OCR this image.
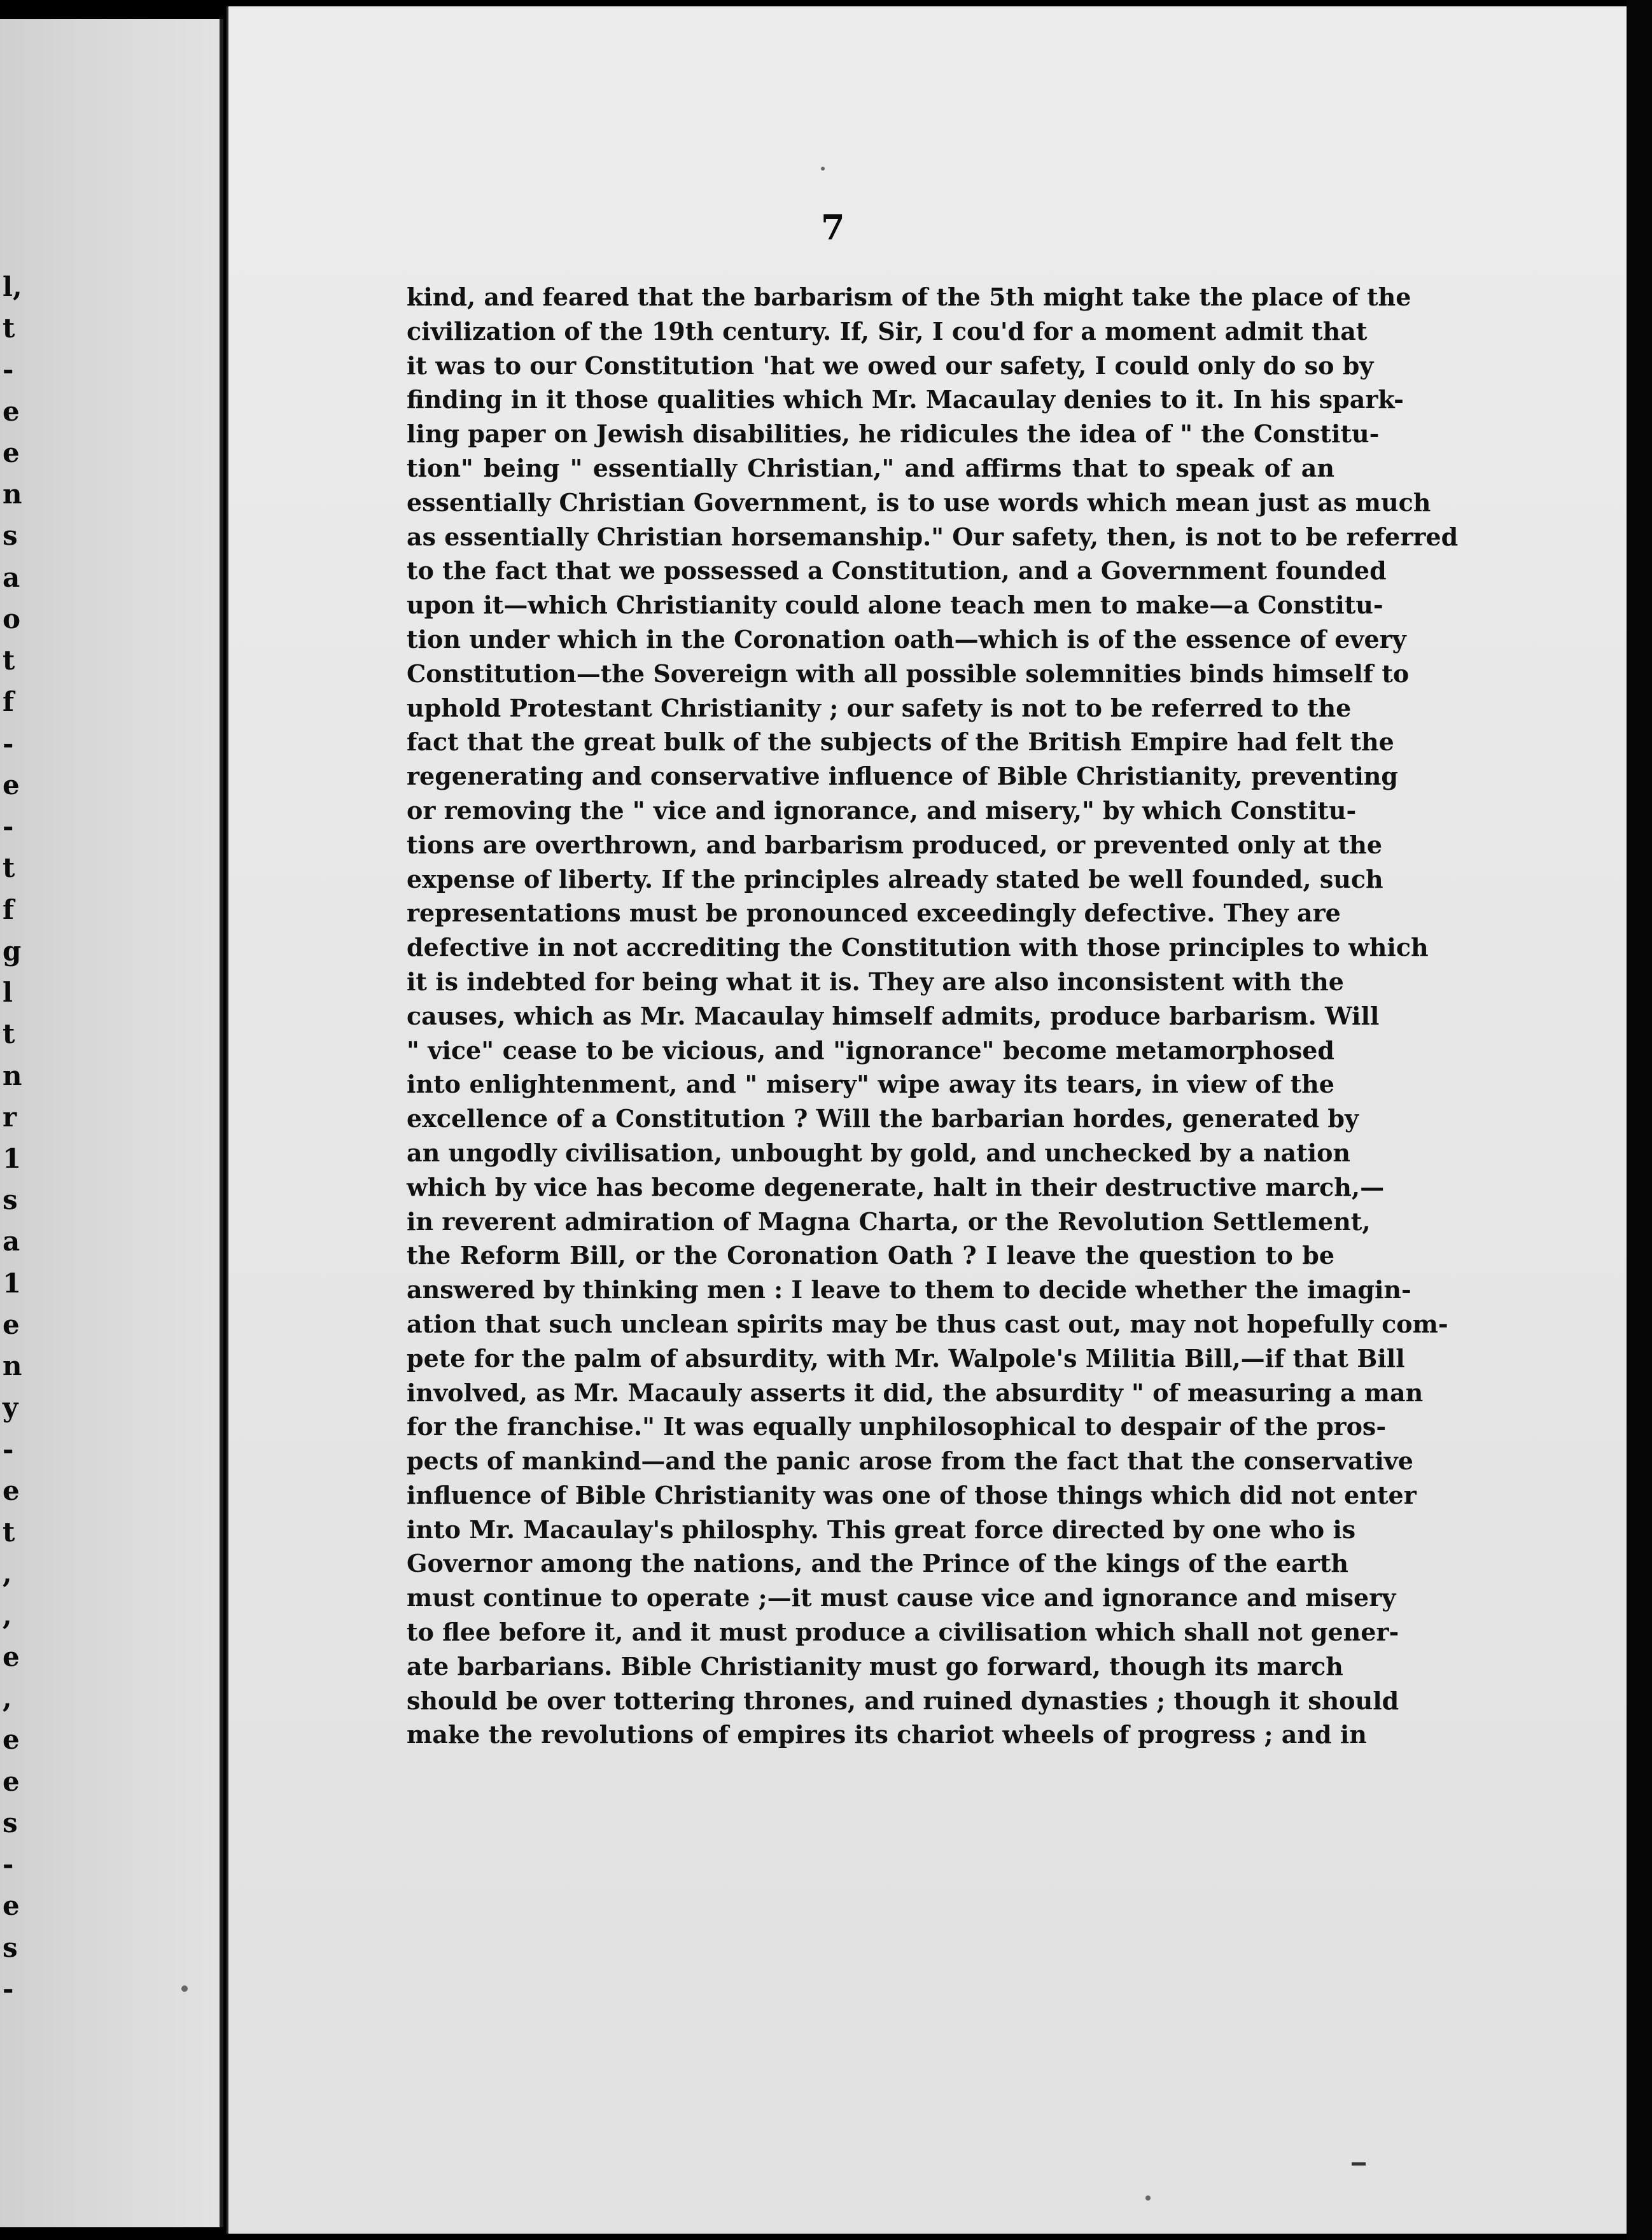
l,
t
-
e
e
n
s
a
o
t
f
-
e
-
t
f
g
l
t
n
r
1
s
a
1
e
n
y
-
e
t
,
,
e
,
e
e
s
-
e
s
-
7
kind, and feared that the barbarism of the 5th might take the place of the
civilization of the 19th century. If, Sir, I cou'd for a moment admit that
it was to our Constitution 'hat we owed our safety, I could only do so by
finding in it those qualities which Mr. Macaulay denies to it. In his spark-
ling paper on Jewish disabilities, he ridicules the idea of " the Constitu-
tion" being " essentially Christian," and affirms that to speak of an
essentially Christian Government, is to use words which mean just as much
as essentially Christian horsemanship." Our safety, then, is not to be referred
to the fact that we possessed a Constitution, and a Government founded
upon it—which Christianity could alone teach men to make—a Constitu-
tion under which in the Coronation oath—which is of the essence of every
Constitution—the Sovereign with all possible solemnities binds himself to
uphold Protestant Christianity ; our safety is not to be referred to the
fact that the great bulk of the subjects of the British Empire had felt the
regenerating and conservative influence of Bible Christianity, preventing
or removing the " vice and ignorance, and misery," by which Constitu-
tions are overthrown, and barbarism produced, or prevented only at the
expense of liberty. If the principles already stated be well founded, such
representations must be pronounced exceedingly defective. They are
defective in not accrediting the Constitution with those principles to which
it is indebted for being what it is. They are also inconsistent with the
causes, which as Mr. Macaulay himself admits, produce barbarism. Will
" vice" cease to be vicious, and "ignorance" become metamorphosed
into enlightenment, and " misery" wipe away its tears, in view of the
excellence of a Constitution ? Will the barbarian hordes, generated by
an ungodly civilisation, unbought by gold, and unchecked by a nation
which by vice has become degenerate, halt in their destructive march,—
in reverent admiration of Magna Charta, or the Revolution Settlement,
the Reform Bill, or the Coronation Oath ? I leave the question to be
answered by thinking men : I leave to them to decide whether the imagin-
ation that such unclean spirits may be thus cast out, may not hopefully com-
pete for the palm of absurdity, with Mr. Walpole's Militia Bill,—if that Bill
involved, as Mr. Macauly asserts it did, the absurdity " of measuring a man
for the franchise." It was equally unphilosophical to despair of the pros-
pects of mankind—and the panic arose from the fact that the conservative
influence of Bible Christianity was one of those things which did not enter
into Mr. Macaulay's philosphy. This great force directed by one who is
Governor among the nations, and the Prince of the kings of the earth
must continue to operate ;—it must cause vice and ignorance and misery
to flee before it, and it must produce a civilisation which shall not gener-
ate barbarians. Bible Christianity must go forward, though its march
should be over tottering thrones, and ruined dynasties ; though it should
make the revolutions of empires its chariot wheels of progress ; and in
